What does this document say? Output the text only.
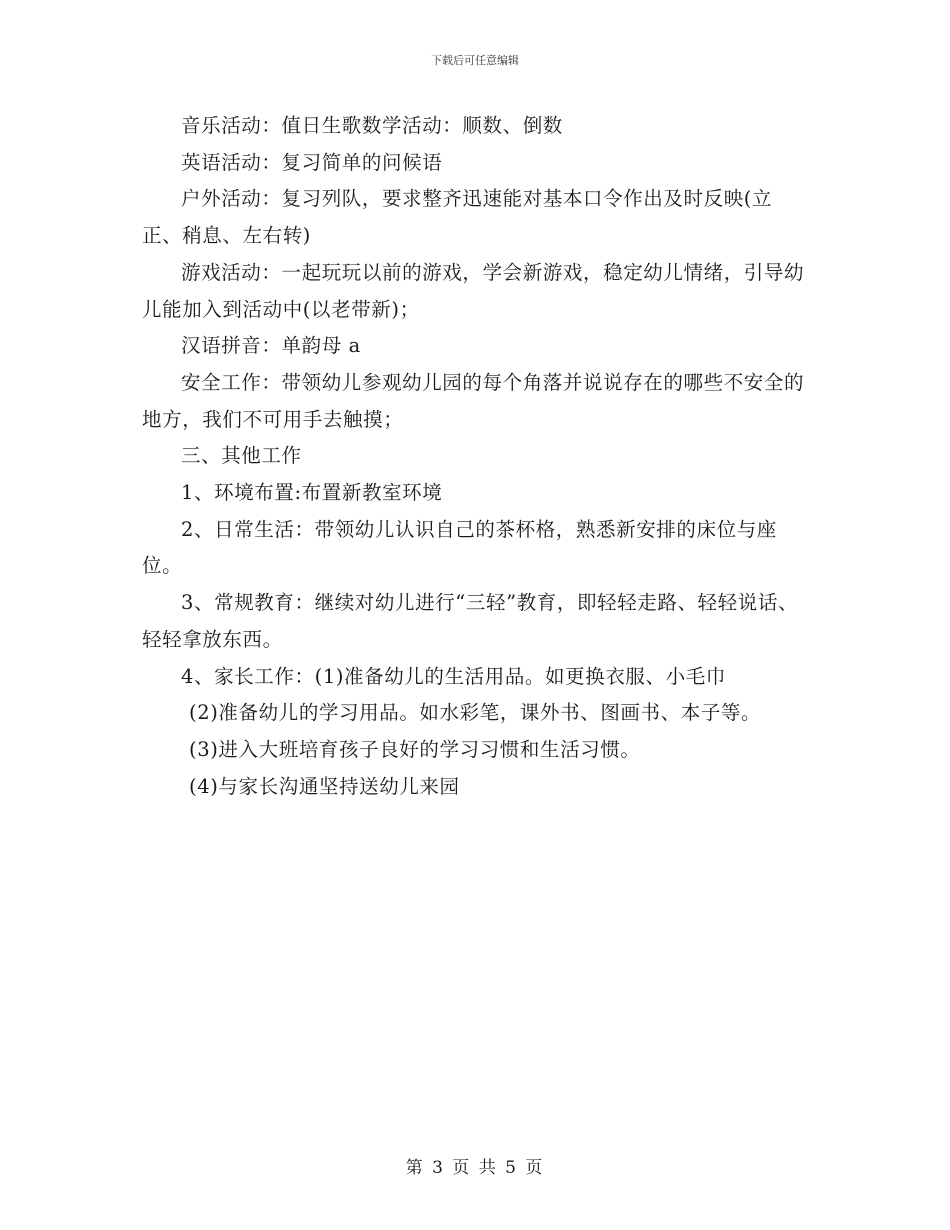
下载后可任意编辑

音乐活动：值日生歌数学活动：顺数、倒数

英语活动：复习简单的问候语

户外活动：复习列队，要求整齐迅速能对基本口令作出及时反映(立正、稍息、左右转)

游戏活动：一起玩玩以前的游戏，学会新游戏，稳定幼儿情绪，引导幼儿能加入到活动中(以老带新)；

汉语拼音：单韵母 a

安全工作：带领幼儿参观幼儿园的每个角落并说说存在的哪些不安全的地方，我们不可用手去触摸；

三、其他工作

1、环境布置:布置新教室环境

2、日常生活：带领幼儿认识自己的茶杯格，熟悉新安排的床位与座位。

3、常规教育：继续对幼儿进行“三轻”教育，即轻轻走路、轻轻说话、轻轻拿放东西。

4、家长工作：(1)准备幼儿的生活用品。如更换衣服、小毛巾

(2)准备幼儿的学习用品。如水彩笔，课外书、图画书、本子等。

(3)进入大班培育孩子良好的学习习惯和生活习惯。

(4)与家长沟通坚持送幼儿来园

第 3 页 共 5 页
